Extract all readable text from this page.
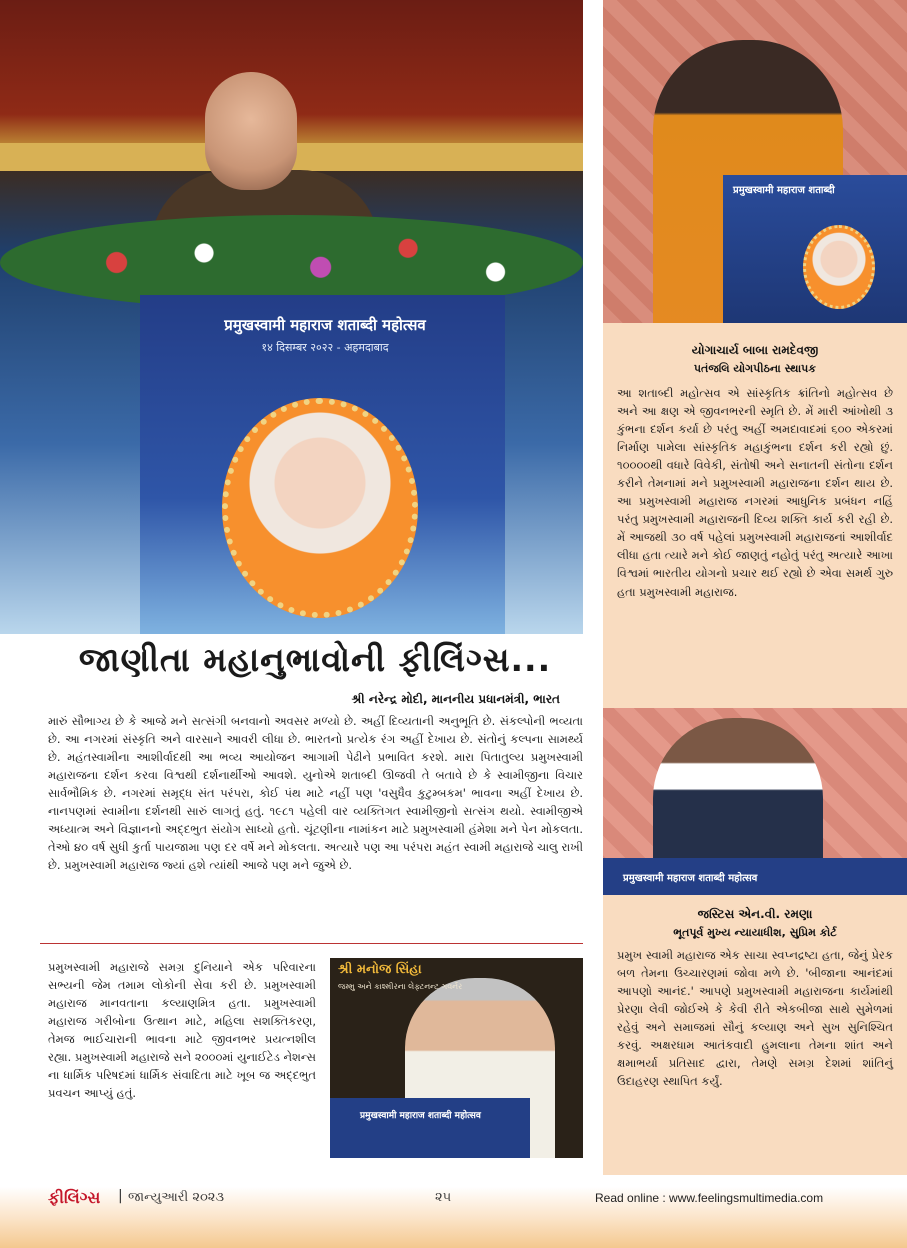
प्रमुखस्वामी महाराज शताब्दी महोत्सव
१४ दिसम्बर २०२२ - अहमदाबाद
प्रमुखस्वामी महाराज शताब्दी
યોગાચાર્ય બાબા રામદેવજી
પતંજલિ યોગપીઠના સ્થાપક
આ શતાબ્દી મહોત્સવ એ સાંસ્કૃતિક ક્રાંતિનો મહોત્સવ છે અને આ ક્ષણ એ જીવનભરની સ્મૃતિ છે. મેં મારી આંખોથી ૩ કુંભના દર્શન કર્યા છે પરંતુ અહીં અમદાવાદમાં ૬૦૦ એકરમાં નિર્માણ પામેલા સાંસ્કૃતિક મહાકુંભના દર્શન કરી રહ્યો છું. ૧૦૦૦૦થી વધારે વિવેકી, સંતોષી અને સનાતની સંતોના દર્શન કરીને તેમનામાં મને પ્રમુખસ્વામી મહારાજના દર્શન થાય છે. આ પ્રમુખસ્વામી મહારાજ નગરમાં આધુનિક પ્રબંધન નહિં પરંતુ પ્રમુખસ્વામી મહારાજની દિવ્ય શક્તિ કાર્ય કરી રહી છે. મેં આજથી ૩૦ વર્ષ પહેલાં પ્રમુખસ્વામી મહારાજનાં આશીર્વાદ લીધા હતા ત્યારે મને કોઈ જાણતું નહોતું પરંતુ અત્યારે આખા વિશ્વમાં ભારતીય યોગનો પ્રચાર થઈ રહ્યો છે એવા સમર્થ ગુરુ હતા પ્રમુખસ્વામી મહારાજ.
प्रमुखस्वामी महाराज शताब्दी महोत्सव
જસ્ટિસ એન.વી. રમણા
ભૂતપૂર્વ મુખ્ય ન્યાયાધીશ, સુપ્રિમ કોર્ટ
પ્રમુખ સ્વામી મહારાજ એક સાચા સ્વપ્નદ્રષ્ટા હતા, જેનું પ્રેરક બળ તેમના ઉચ્ચારણમાં જોવા મળે છે. 'બીજાના આનંદમાં આપણો આનંદ.' આપણે પ્રમુખસ્વામી મહારાજના કાર્યમાંથી પ્રેરણા લેવી જોઈએ કે કેવી રીતે એકબીજા સાથે સુમેળમાં રહેવું અને સમાજમાં સૌનું કલ્યાણ અને સુખ સુનિશ્ચિત કરવું. અક્ષરધામ આતંકવાદી હુમલાના તેમના શાંત અને ક્ષમાભર્યા પ્રતિસાદ દ્વારા, તેમણે સમગ્ર દેશમાં શાંતિનું ઉદાહરણ સ્થાપિત કર્યું.
જાણીતા મહાનુભાવોની ફીલિંગ્સ...
શ્રી નરેન્દ્ર મોદી, માનનીય પ્રધાનમંત્રી, ભારત
મારું સૌભાગ્ય છે કે આજે મને સત્સંગી બનવાનો અવસર મળ્યો છે. અહીં દિવ્યતાની અનુભૂતિ છે. સંકલ્પોની ભવ્યતા છે. આ નગરમાં સંસ્કૃતિ અને વારસાને આવરી લીધા છે. ભારતનો પ્રત્યેક રંગ અહીં દેખાય છે. સંતોનું કલ્પના સામર્થ્ય છે. મહંતસ્વામીના આશીર્વાદથી આ ભવ્ય આયોજન આગામી પેઢીને પ્રભાવિત કરશે. મારા પિતાતુલ્ય પ્રમુખસ્વામી મહારાજના દર્શન કરવા વિશ્વથી દર્શનાર્થીઓ આવશે. યુનોએ શતાબ્દી ઊજવી તે બતાવે છે કે સ્વામીજીના વિચાર સાર્વભૌમિક છે. નગરમાં સમૃદ્ધ સંત પરંપરા, કોઈ પંથ માટે નહીં પણ 'વસુધૈવ કુટુમ્બકમ' ભાવના અહીં દેખાય છે. નાનપણમાં સ્વામીના દર્શનથી સારું લાગતું હતું. ૧૯૮૧ પહેલી વાર વ્યક્તિગત સ્વામીજીનો સત્સંગ થયો. સ્વામીજીએ અધ્યાત્મ અને વિજ્ઞાનનો અદ્દભુત સંયોગ સાધ્યો હતો. ચૂંટણીના નામાંકન માટે પ્રમુખસ્વામી હંમેશા મને પેન મોકલતા. તેઓ ૪૦ વર્ષ સુધી કુર્તા પાયજામા પણ દર વર્ષે મને મોકલતા. અત્યારે પણ આ પરંપરા મહંત સ્વામી મહારાજે ચાલુ રાખી છે. પ્રમુખસ્વામી મહારાજ જ્યાં હશે ત્યાંથી આજે પણ મને જુએ છે.
પ્રમુખસ્વામી મહારાજે સમગ્ર દુનિયાને એક પરિવારના સભ્યની જેમ તમામ લોકોની સેવા કરી છે. પ્રમુખસ્વામી મહારાજ માનવતાના કલ્યાણમિત્ર હતા. પ્રમુખસ્વામી મહારાજ ગરીબોના ઉત્થાન માટે, મહિલા સશક્તિકરણ, તેમજ ભાઈચારાની ભાવના માટે જીવનભર પ્રયત્નશીલ રહ્યા. પ્રમુખસ્વામી મહારાજે સને ૨૦૦૦માં યુનાઈટેડ નેશન્સ ના ધાર્મિક પરિષદમાં ધાર્મિક સંવાદિતા માટે ખૂબ જ અદ્દભુત પ્રવચન આપ્યું હતું.
प्रमुखस्वामी महाराज शताब्दी महोत्सव
શ્રી મનોજ સિંહા
જમ્મુ અને કાશ્મીરના લેફ્ટનન્ટ ગવર્નર
ફીલિંગ્સ | જાન્યુઆરી ૨૦૨૩	૨૫	Read online : www.feelingsmultimedia.com
